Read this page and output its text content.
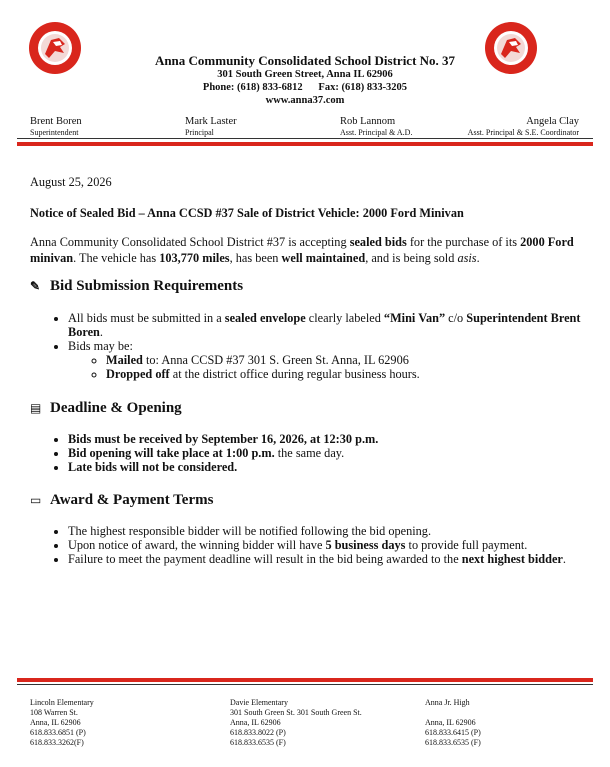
Anna Community Consolidated School District No. 37
301 South Green Street, Anna IL 62906
Phone: (618) 833-6812      Fax: (618) 833-3205
www.anna37.com
Brent Boren
Superintendent
Mark Laster
Principal
Rob Lannom
Asst. Principal & A.D.
Angela Clay
Asst. Principal & S.E. Coordinator
August 25, 2026
Notice of Sealed Bid – Anna CCSD #37 Sale of District Vehicle: 2000 Ford Minivan
Anna Community Consolidated School District #37 is accepting sealed bids for the purchase of its 2000 Ford minivan. The vehicle has 103,770 miles, has been well maintained, and is being sold asis.
✎ Bid Submission Requirements
• All bids must be submitted in a sealed envelope clearly labeled “Mini Van” c/o Superintendent Brent Boren.
• Bids may be:
◦ Mailed to: Anna CCSD #37 301 S. Green St. Anna, IL 62906
◦ Dropped off at the district office during regular business hours.
▤ Deadline & Opening
• Bids must be received by September 16, 2026, at 12:30 p.m.
• Bid opening will take place at 1:00 p.m. the same day.
• Late bids will not be considered.
▭ Award & Payment Terms
• The highest responsible bidder will be notified following the bid opening.
• Upon notice of award, the winning bidder will have 5 business days to provide full payment.
• Failure to meet the payment deadline will result in the bid being awarded to the next highest bidder.
Lincoln Elementary
108 Warren St.
Anna, IL 62906
618.833.6851 (P)
618.833.3262(F)
Davie Elementary
301 South Green St. 301 South Green St.
Anna, IL 62906
618.833.8022 (P)
618.833.6535 (F)
Anna Jr. High
Anna, IL 62906
618.833.6415 (P)
618.833.6535 (F)
